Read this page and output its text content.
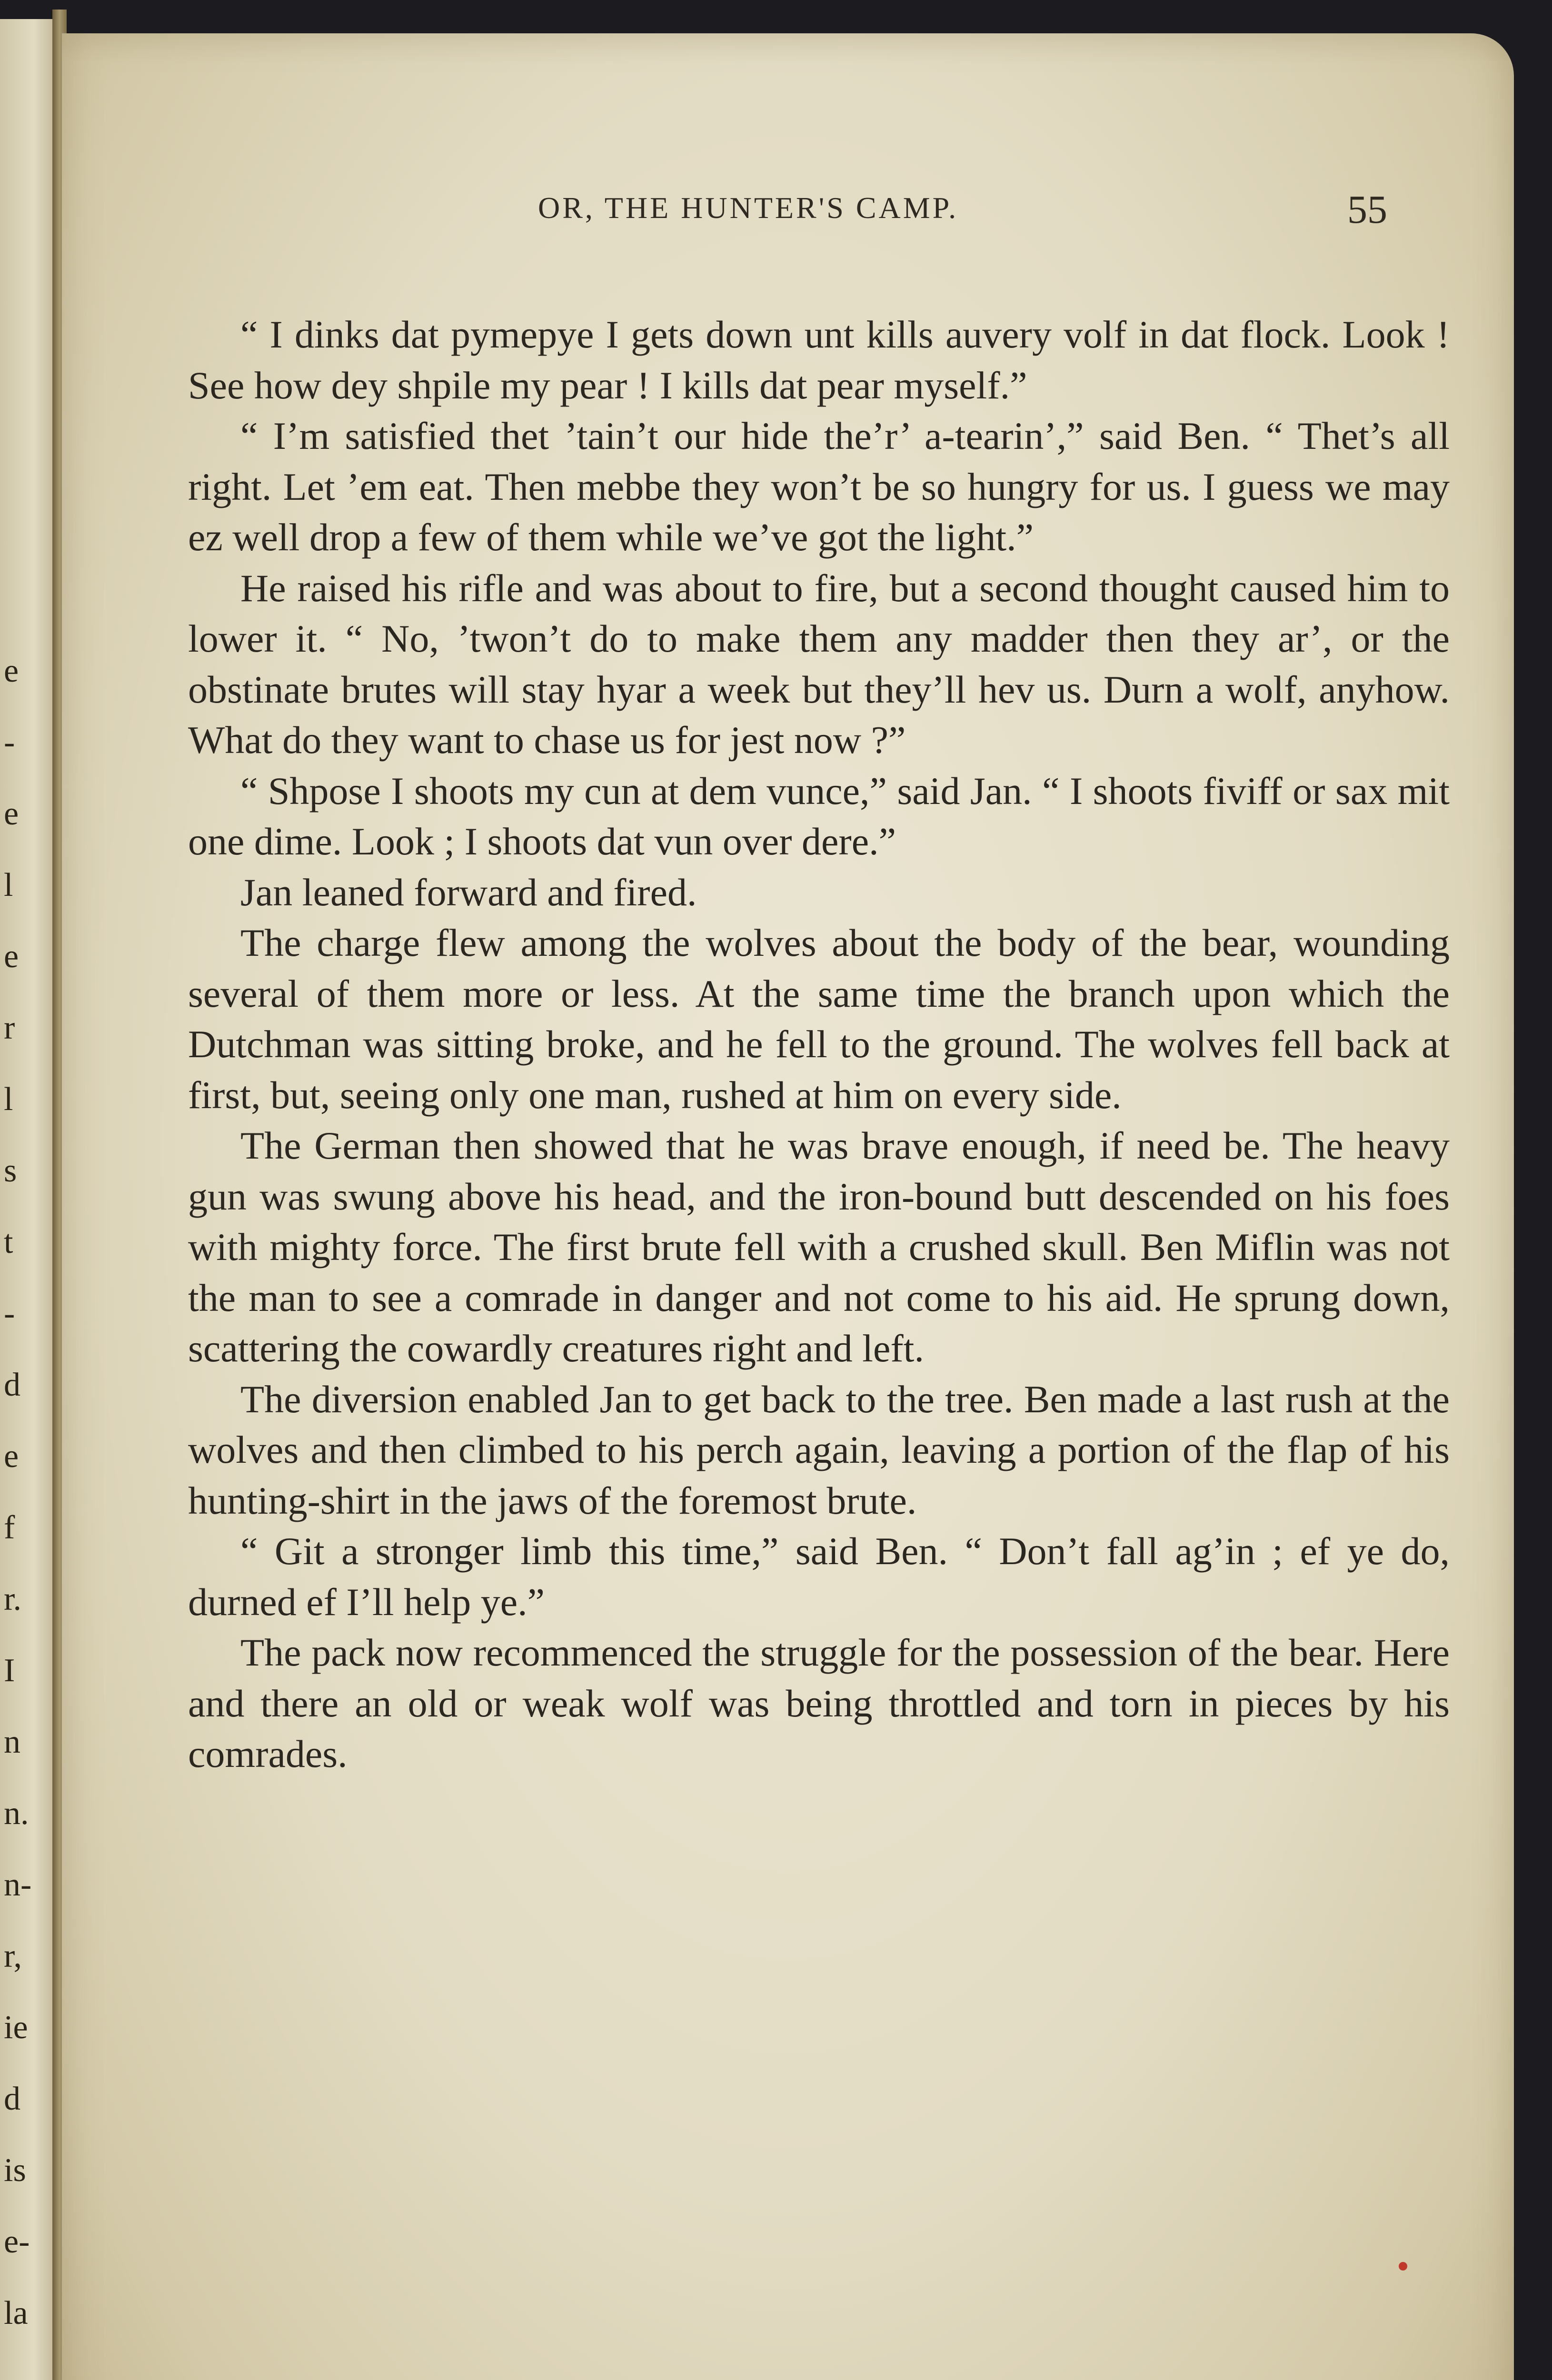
e
-
e
l
e
r
l
s
t
-
d
e
f
r.
I
n
n.
n-
r,
ie
d
is
e-
la
OR, THE HUNTER'S CAMP.	55

“ I dinks dat pymepye I gets down unt kills auvery volf in dat flock. Look ! See how dey shpile my pear ! I kills dat pear myself.”

“ I’m satisfied thet ’tain’t our hide the’r’ a-tearin’,” said Ben. “ Thet’s all right. Let ’em eat. Then mebbe they won’t be so hungry for us. I guess we may ez well drop a few of them while we’ve got the light.”

He raised his rifle and was about to fire, but a second thought caused him to lower it. “ No, ’twon’t do to make them any madder then they ar’, or the obstinate brutes will stay hyar a week but they’ll hev us. Durn a wolf, anyhow. What do they want to chase us for jest now ?”

“ Shpose I shoots my cun at dem vunce,” said Jan. “ I shoots fiviff or sax mit one dime. Look ; I shoots dat vun over dere.”

Jan leaned forward and fired.

The charge flew among the wolves about the body of the bear, wounding several of them more or less. At the same time the branch upon which the Dutchman was sitting broke, and he fell to the ground. The wolves fell back at first, but, seeing only one man, rushed at him on every side.

The German then showed that he was brave enough, if need be. The heavy gun was swung above his head, and the iron-bound butt descended on his foes with mighty force. The first brute fell with a crushed skull. Ben Miflin was not the man to see a comrade in danger and not come to his aid. He sprung down, scattering the cowardly creatures right and left.

The diversion enabled Jan to get back to the tree. Ben made a last rush at the wolves and then climbed to his perch again, leaving a portion of the flap of his hunting-shirt in the jaws of the foremost brute.

“ Git a stronger limb this time,” said Ben. “ Don’t fall ag’in ; ef ye do, durned ef I’ll help ye.”

The pack now recommenced the struggle for the possession of the bear. Here and there an old or weak wolf was being throttled and torn in pieces by his comrades.
